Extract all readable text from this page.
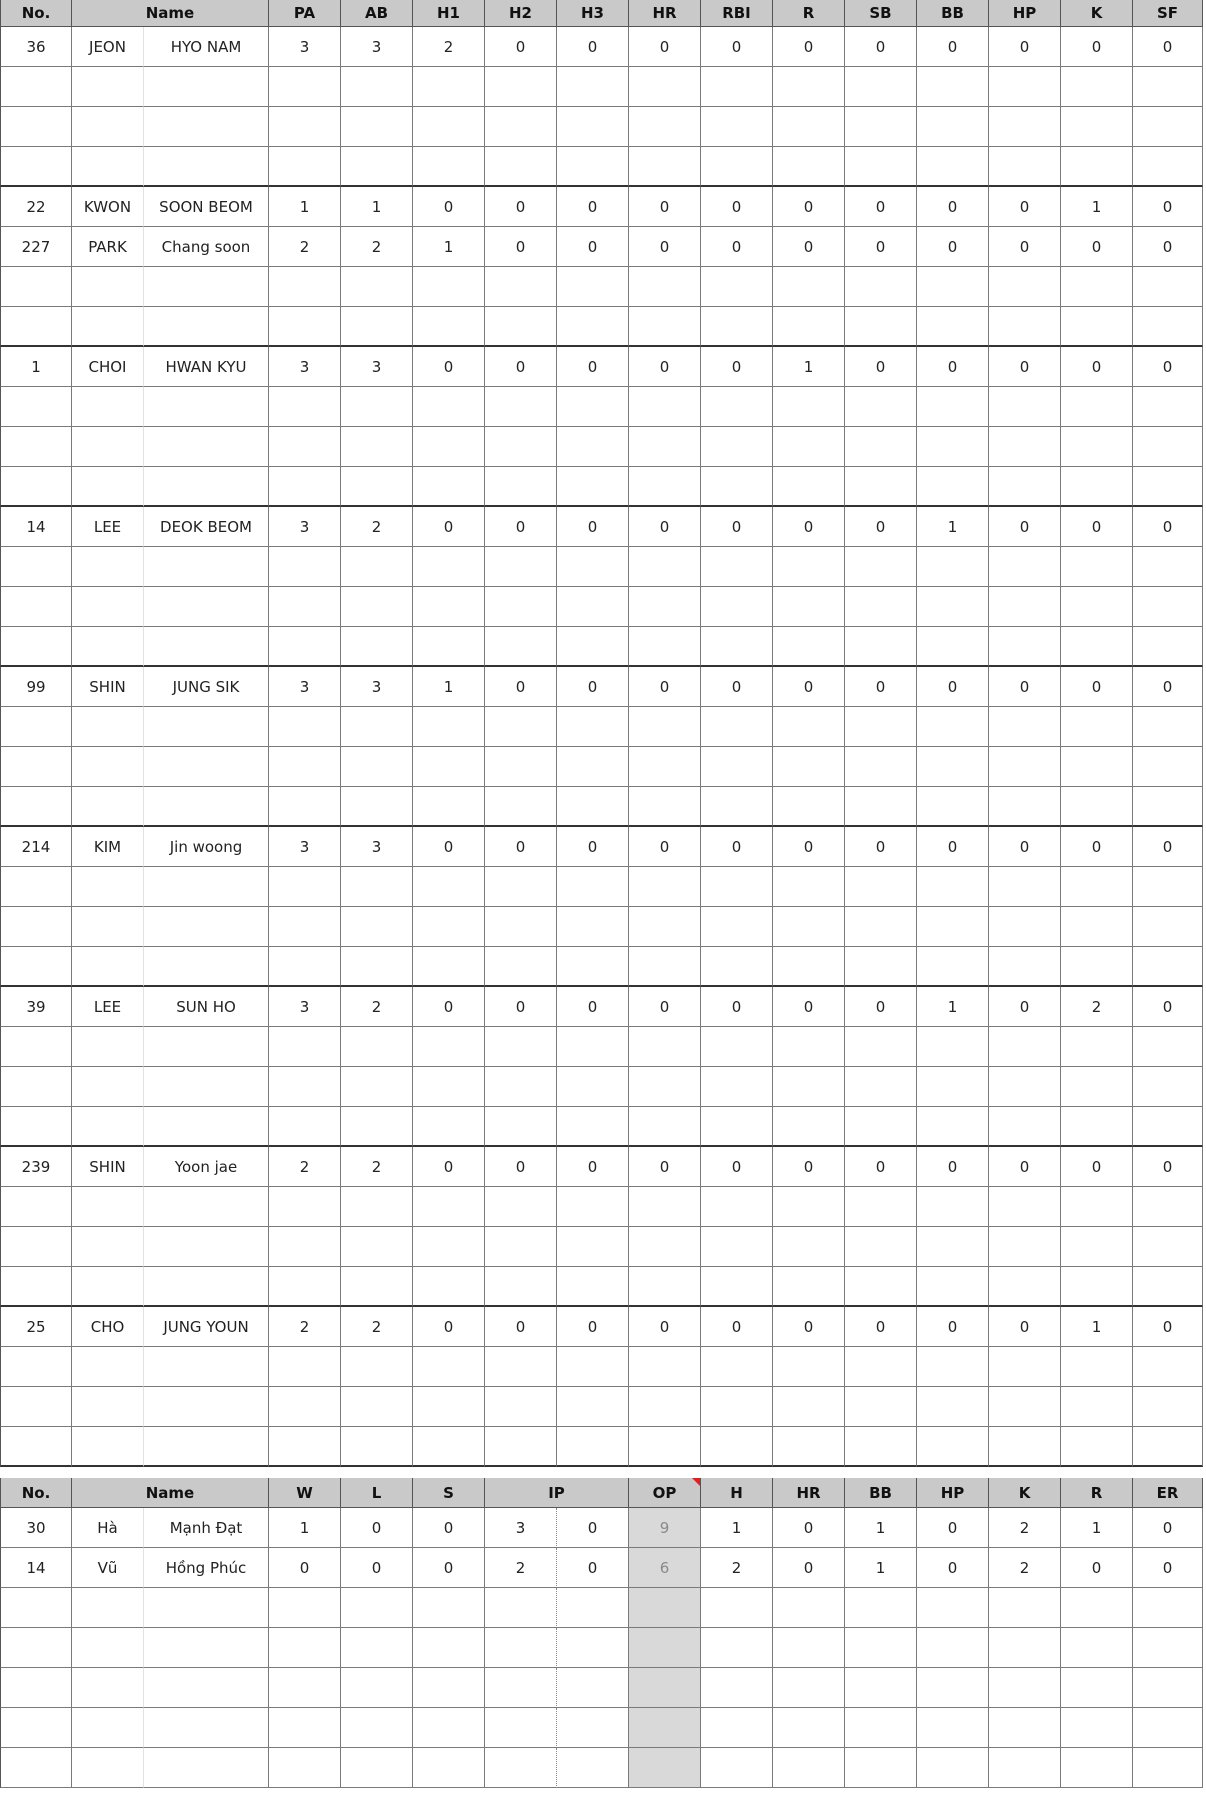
No.	Name	PA	AB	H1	H2	H3	HR	RBI	R	SB	BB	HP	K	SF
36	JEON	HYO NAM	3	3	2	0	0	0	0	0	0	0	0	0	0
22	KWON	SOON BEOM	1	1	0	0	0	0	0	0	0	0	0	1	0
227	PARK	Chang soon	2	2	1	0	0	0	0	0	0	0	0	0	0
1	CHOI	HWAN KYU	3	3	0	0	0	0	0	1	0	0	0	0	0
14	LEE	DEOK BEOM	3	2	0	0	0	0	0	0	0	1	0	0	0
99	SHIN	JUNG SIK	3	3	1	0	0	0	0	0	0	0	0	0	0
214	KIM	Jin woong	3	3	0	0	0	0	0	0	0	0	0	0	0
39	LEE	SUN HO	3	2	0	0	0	0	0	0	0	1	0	2	0
239	SHIN	Yoon jae	2	2	0	0	0	0	0	0	0	0	0	0	0
25	CHO	JUNG YOUN	2	2	0	0	0	0	0	0	0	0	0	1	0
No.	Name	W	L	S	IP	OP	H	HR	BB	HP	K	R	ER
30	Hà	Mạnh Đạt	1	0	0	3	0	9	1	0	1	0	2	1	0
14	Vũ	Hồng Phúc	0	0	0	2	0	6	2	0	1	0	2	0	0
